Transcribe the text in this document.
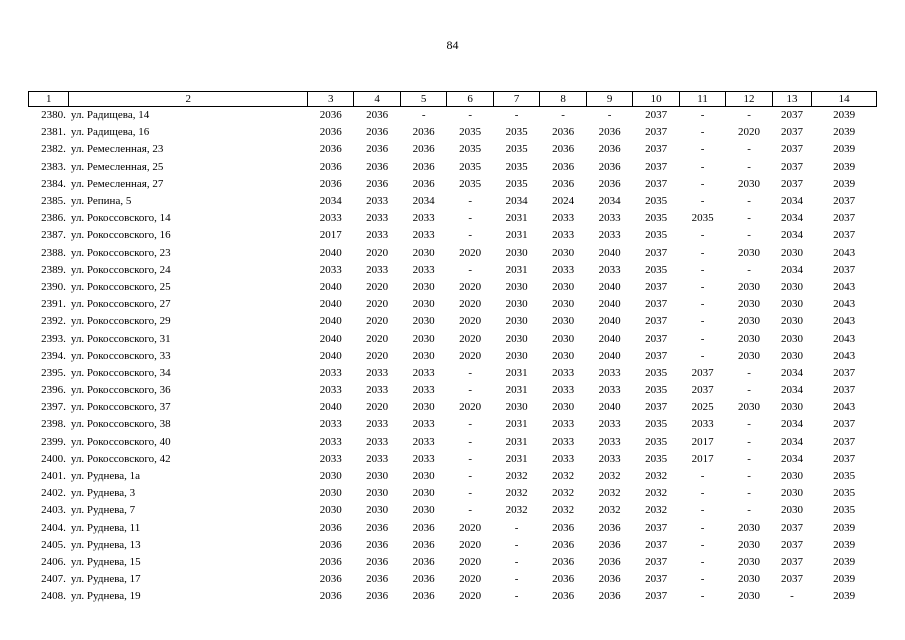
84
1	2	3	4	5	6	7	8	9	10	11	12	13	14
2380.	ул. Радищева, 14	2036	2036	-	-	-	-	-	2037	-	-	2037	2039
2381.	ул. Радищева, 16	2036	2036	2036	2035	2035	2036	2036	2037	-	2020	2037	2039
2382.	ул. Ремесленная, 23	2036	2036	2036	2035	2035	2036	2036	2037	-	-	2037	2039
2383.	ул. Ремесленная, 25	2036	2036	2036	2035	2035	2036	2036	2037	-	-	2037	2039
2384.	ул. Ремесленная, 27	2036	2036	2036	2035	2035	2036	2036	2037	-	2030	2037	2039
2385.	ул. Репина, 5	2034	2033	2034	-	2034	2024	2034	2035	-	-	2034	2037
2386.	ул. Рокоссовского, 14	2033	2033	2033	-	2031	2033	2033	2035	2035	-	2034	2037
2387.	ул. Рокоссовского, 16	2017	2033	2033	-	2031	2033	2033	2035	-	-	2034	2037
2388.	ул. Рокоссовского, 23	2040	2020	2030	2020	2030	2030	2040	2037	-	2030	2030	2043
2389.	ул. Рокоссовского, 24	2033	2033	2033	-	2031	2033	2033	2035	-	-	2034	2037
2390.	ул. Рокоссовского, 25	2040	2020	2030	2020	2030	2030	2040	2037	-	2030	2030	2043
2391.	ул. Рокоссовского, 27	2040	2020	2030	2020	2030	2030	2040	2037	-	2030	2030	2043
2392.	ул. Рокоссовского, 29	2040	2020	2030	2020	2030	2030	2040	2037	-	2030	2030	2043
2393.	ул. Рокоссовского, 31	2040	2020	2030	2020	2030	2030	2040	2037	-	2030	2030	2043
2394.	ул. Рокоссовского, 33	2040	2020	2030	2020	2030	2030	2040	2037	-	2030	2030	2043
2395.	ул. Рокоссовского, 34	2033	2033	2033	-	2031	2033	2033	2035	2037	-	2034	2037
2396.	ул. Рокоссовского, 36	2033	2033	2033	-	2031	2033	2033	2035	2037	-	2034	2037
2397.	ул. Рокоссовского, 37	2040	2020	2030	2020	2030	2030	2040	2037	2025	2030	2030	2043
2398.	ул. Рокоссовского, 38	2033	2033	2033	-	2031	2033	2033	2035	2033	-	2034	2037
2399.	ул. Рокоссовского, 40	2033	2033	2033	-	2031	2033	2033	2035	2017	-	2034	2037
2400.	ул. Рокоссовского, 42	2033	2033	2033	-	2031	2033	2033	2035	2017	-	2034	2037
2401.	ул. Руднева, 1а	2030	2030	2030	-	2032	2032	2032	2032	-	-	2030	2035
2402.	ул. Руднева, 3	2030	2030	2030	-	2032	2032	2032	2032	-	-	2030	2035
2403.	ул. Руднева, 7	2030	2030	2030	-	2032	2032	2032	2032	-	-	2030	2035
2404.	ул. Руднева, 11	2036	2036	2036	2020	-	2036	2036	2037	-	2030	2037	2039
2405.	ул. Руднева, 13	2036	2036	2036	2020	-	2036	2036	2037	-	2030	2037	2039
2406.	ул. Руднева, 15	2036	2036	2036	2020	-	2036	2036	2037	-	2030	2037	2039
2407.	ул. Руднева, 17	2036	2036	2036	2020	-	2036	2036	2037	-	2030	2037	2039
2408.	ул. Руднева, 19	2036	2036	2036	2020	-	2036	2036	2037	-	2030	-	2039
